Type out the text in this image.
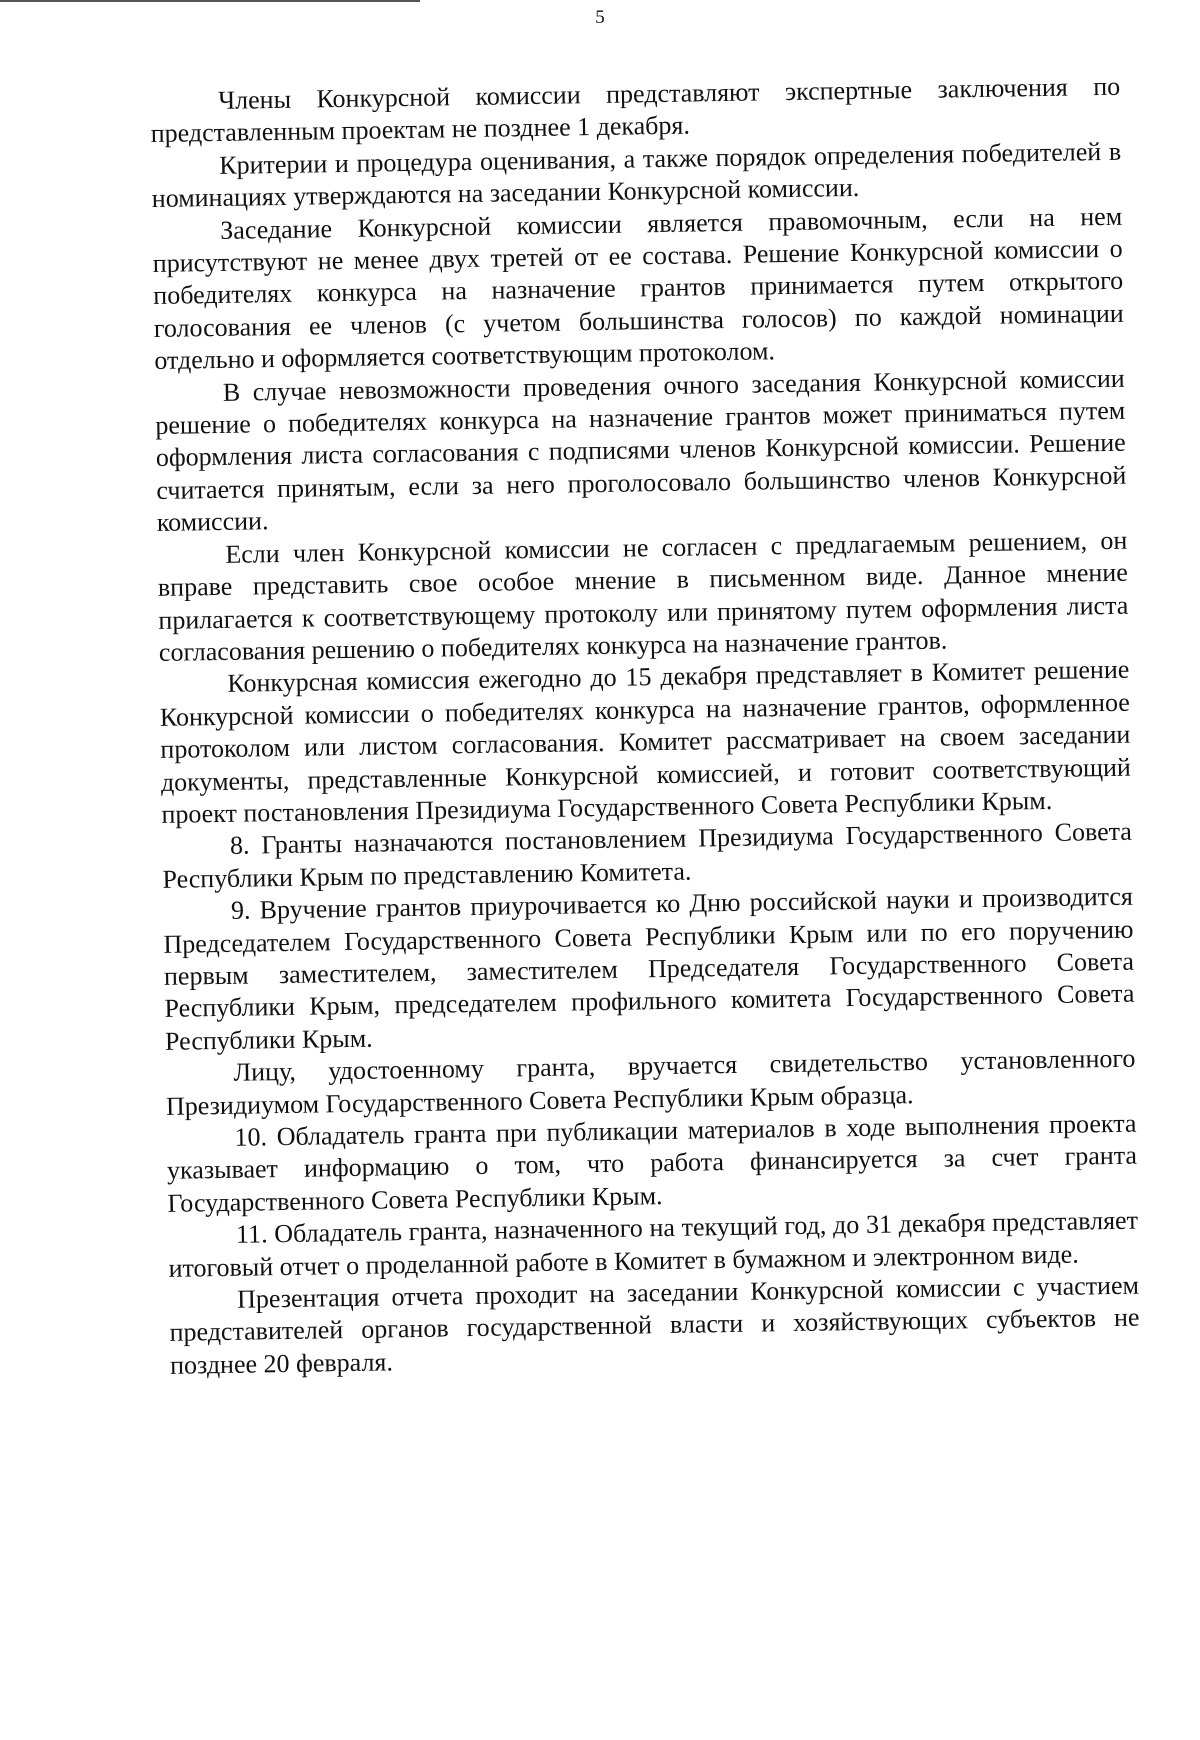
5

Члены Конкурсной комиссии представляют экспертные заключения по представленным проектам не позднее 1 декабря.

Критерии и процедура оценивания, а также порядок определения победителей в номинациях утверждаются на заседании Конкурсной комиссии.

Заседание Конкурсной комиссии является правомочным, если на нем присутствуют не менее двух третей от ее состава. Решение Конкурсной комиссии о победителях конкурса на назначение грантов принимается путем открытого голосования ее членов (с учетом большинства голосов) по каждой номинации отдельно и оформляется соответствующим протоколом.

В случае невозможности проведения очного заседания Конкурсной комиссии решение о победителях конкурса на назначение грантов может приниматься путем оформления листа согласования с подписями членов Конкурсной комиссии. Решение считается принятым, если за него проголосовало большинство членов Конкурсной комиссии.

Если член Конкурсной комиссии не согласен с предлагаемым решением, он вправе представить свое особое мнение в письменном виде. Данное мнение прилагается к соответствующему протоколу или принятому путем оформления листа согласования решению о победителях конкурса на назначение грантов.

Конкурсная комиссия ежегодно до 15 декабря представляет в Комитет решение Конкурсной комиссии о победителях конкурса на назначение грантов, оформленное протоколом или листом согласования. Комитет рассматривает на своем заседании документы, представленные Конкурсной комиссией, и готовит соответствующий проект постановления Президиума Государственного Совета Республики Крым.

8. Гранты назначаются постановлением Президиума Государственного Совета Республики Крым по представлению Комитета.

9. Вручение грантов приурочивается ко Дню российской науки и производится Председателем Государственного Совета Республики Крым или по его поручению первым заместителем, заместителем Председателя Государственного Совета Республики Крым, председателем профильного комитета Государственного Совета Республики Крым.

Лицу, удостоенному гранта, вручается свидетельство установленного Президиумом Государственного Совета Республики Крым образца.

10. Обладатель гранта при публикации материалов в ходе выполнения проекта указывает информацию о том, что работа финансируется за счет гранта Государственного Совета Республики Крым.

11. Обладатель гранта, назначенного на текущий год, до 31 декабря представляет итоговый отчет о проделанной работе в Комитет в бумажном и электронном виде.

Презентация отчета проходит на заседании Конкурсной комиссии с участием представителей органов государственной власти и хозяйствующих субъектов не позднее 20 февраля.
